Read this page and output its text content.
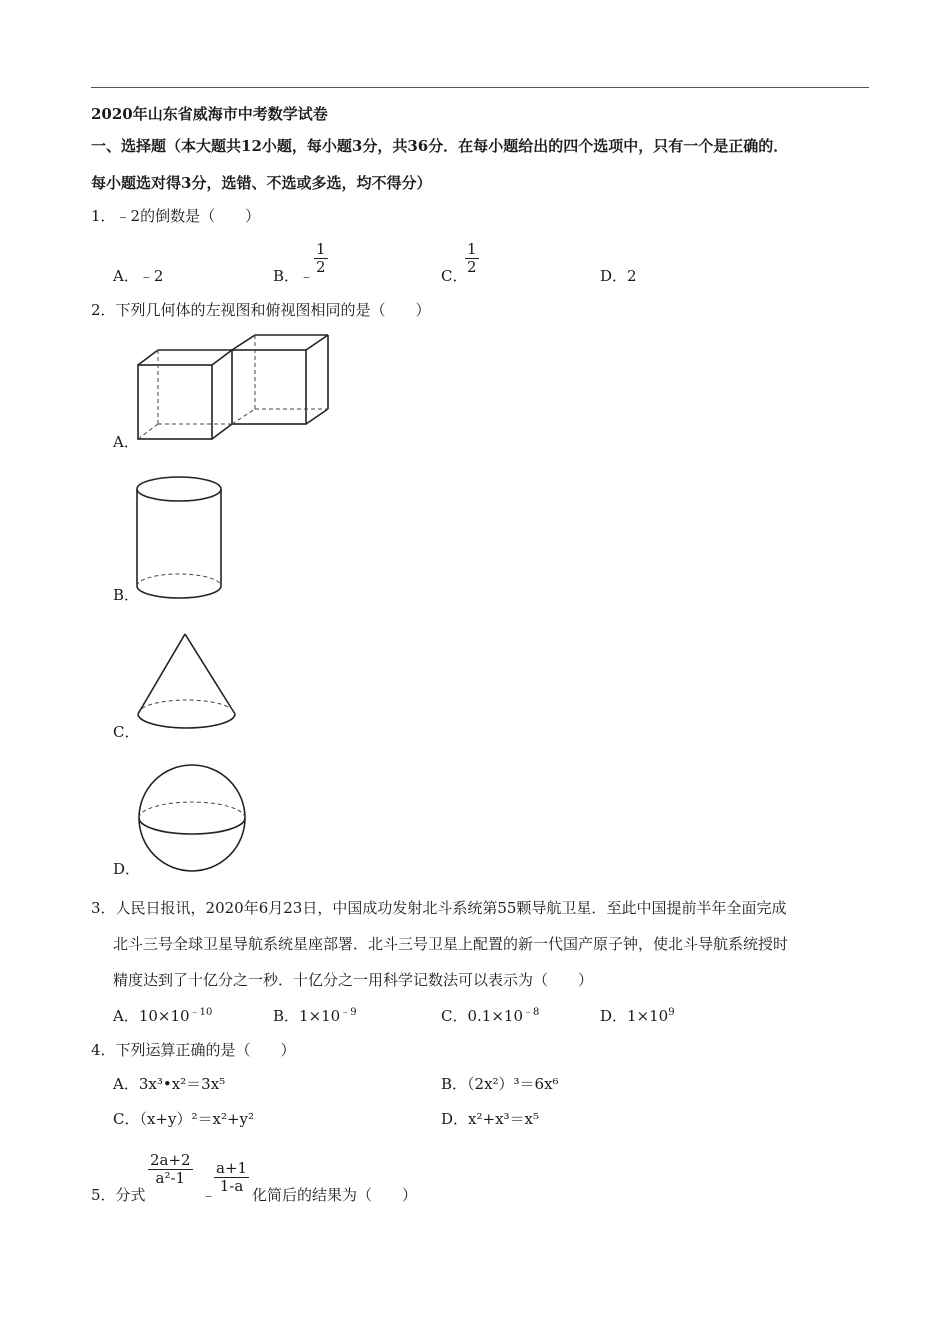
2020年山东省威海市中考数学试卷
一、选择题（本大题共12小题，每小题3分，共36分．在每小题给出的四个选项中，只有一个是正确的．
每小题选对得3分，选错、不选或多选，均不得分）
1．﹣2的倒数是（　　）
A．﹣2	B．﹣ $\frac{1}{2}$	C．
$\frac{1}{2}$	D．2
2．下列几何体的左视图和俯视图相同的是（　　）
A．
B．
C．
D．
3．人民日报讯，2020年6月23日，中国成功发射北斗系统第55颗导航卫星．至此中国提前半年全面完成
北斗三号全球卫星导航系统星座部署．北斗三号卫星上配置的新一代国产原子钟，使北斗导航系统授时
精度达到了十亿分之一秒．十亿分之一用科学记数法可以表示为（　　）
A．$10\times 10^{﹣10}$	B．$1\times 10^{﹣9}$	C．$0.1\times 10^{﹣8}$	D．$1\times 10^9$
4．下列运算正确的是（　　）
A．3x³•x²＝3x⁵	B．（2x²）³＝6x⁶
C．（x+y）²＝x²+y²	D．x²+x³＝x⁵
5．分式
$\frac{2a+2}{\text{a²-1}}$
﹣
$\frac{a+1}{1-a}$ 化简后的结果为（　　）
